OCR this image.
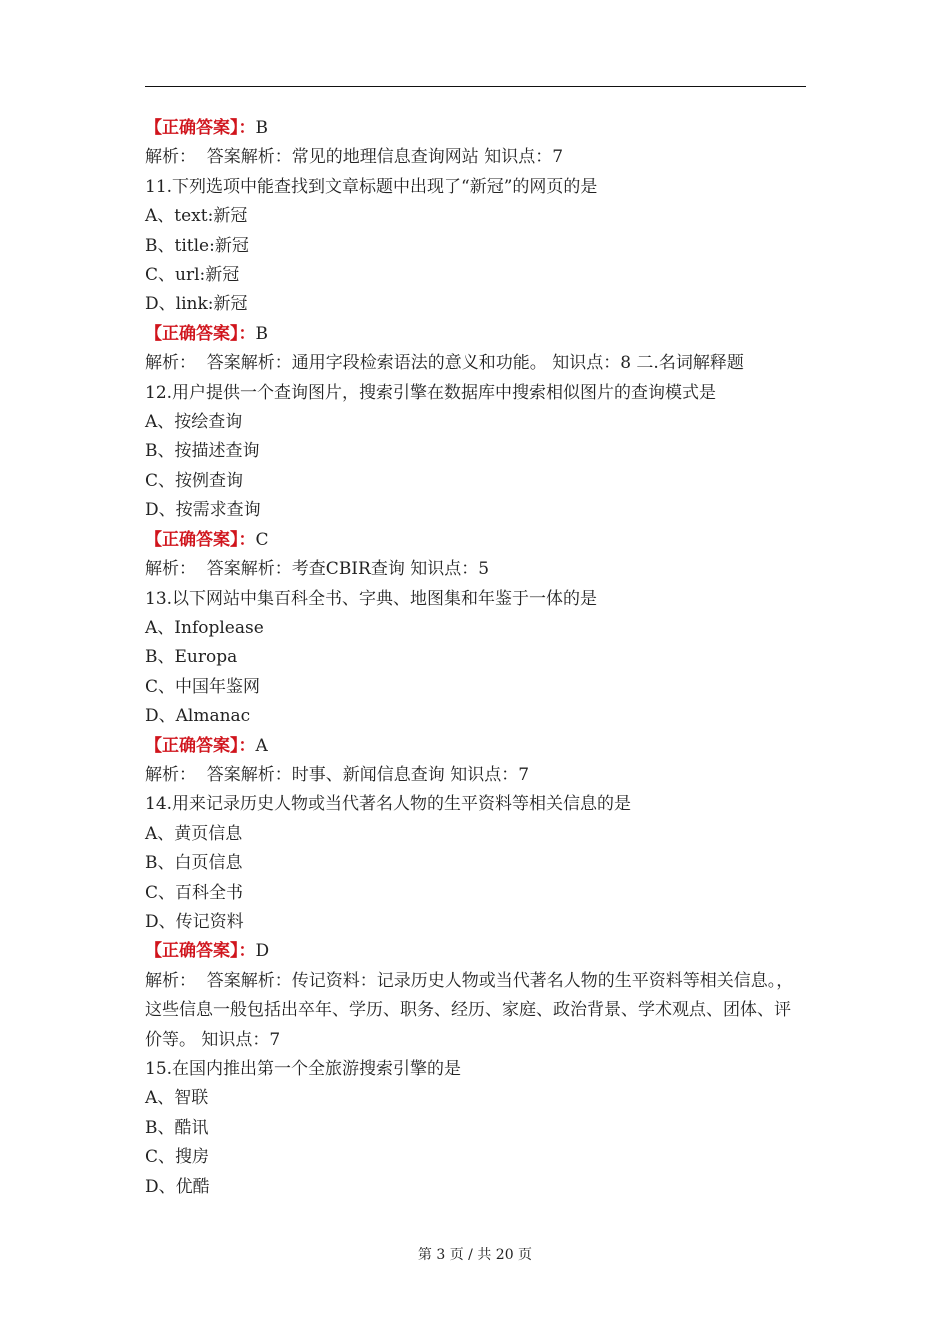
【正确答案】：B
解析：  答案解析：常见的地理信息查询网站 知识点：7
11.下列选项中能查找到文章标题中出现了“新冠”的网页的是
A、text:新冠
B、title:新冠
C、url:新冠
D、link:新冠
【正确答案】：B
解析：  答案解析：通用字段检索语法的意义和功能。 知识点：8 二.名词解释题
12.用户提供一个查询图片，搜索引擎在数据库中搜索相似图片的查询模式是
A、按绘查询
B、按描述查询
C、按例查询
D、按需求查询
【正确答案】：C
解析：  答案解析：考查CBIR查询 知识点：5
13.以下网站中集百科全书、字典、地图集和年鉴于一体的是
A、Infoplease
B、Europa
C、中国年鉴网
D、Almanac
【正确答案】：A
解析：  答案解析：时事、新闻信息查询 知识点：7
14.用来记录历史人物或当代著名人物的生平资料等相关信息的是
A、黄页信息
B、白页信息
C、百科全书
D、传记资料
【正确答案】：D
解析：  答案解析：传记资料：记录历史人物或当代著名人物的生平资料等相关信息。，这些信息一般包括出卒年、学历、职务、经历、家庭、政治背景、学术观点、团体、评价等。 知识点：7
15.在国内推出第一个全旅游搜索引擎的是
A、智联
B、酷讯
C、搜房
D、优酷
第 3 页 / 共 20 页
